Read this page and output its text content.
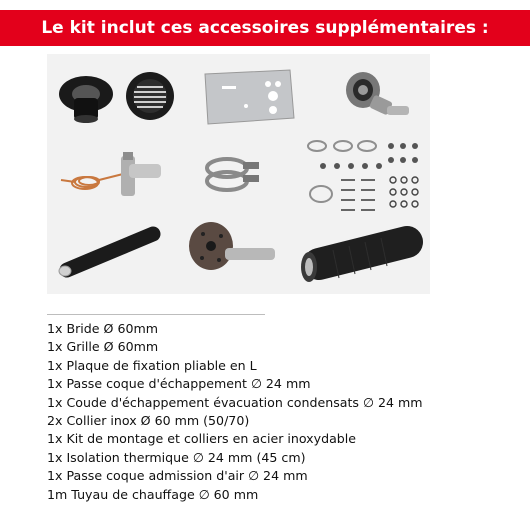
Le kit inclut ces accessoires supplémentaires :
1x Bride Ø 60mm
1x Grille Ø 60mm
1x Plaque de fixation pliable en L
1x Passe coque d'échappement ∅ 24 mm
1x Coude d'échappement évacuation condensats ∅ 24 mm
2x Collier inox Ø 60 mm (50/70)
1x Kit de montage et colliers en acier inoxydable
1x Isolation thermique ∅ 24 mm (45 cm)
1x Passe coque admission d'air ∅ 24 mm
1m Tuyau de chauffage ∅ 60 mm
